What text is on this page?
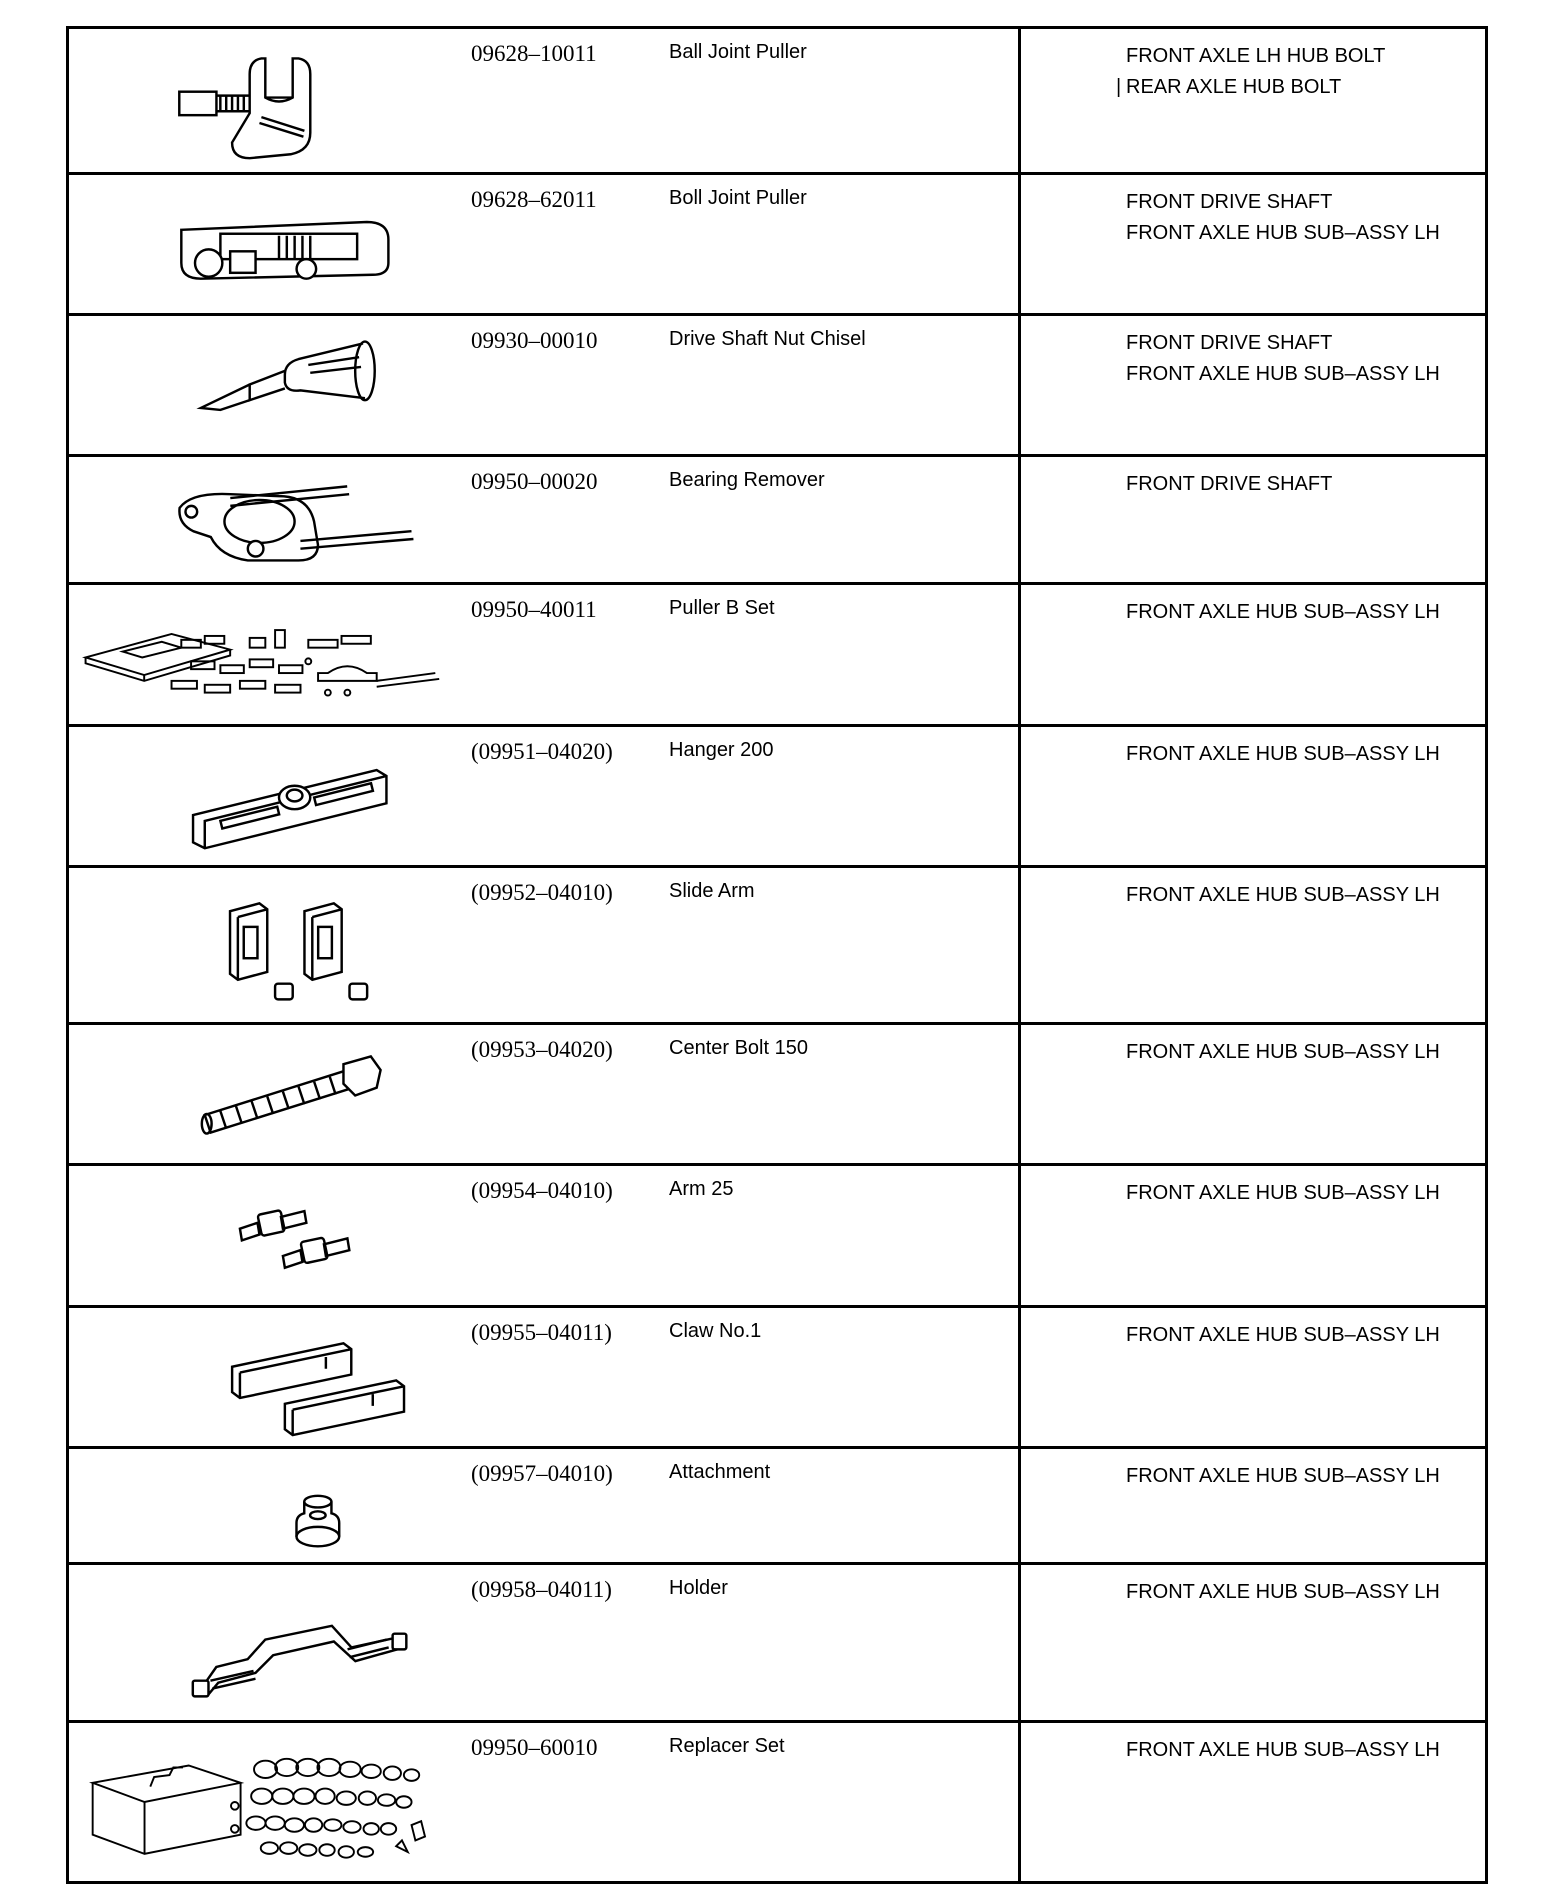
09628–10011	Ball Joint Puller	FRONT AXLE LH HUB BOLT
| REAR AXLE HUB BOLT
09628–62011	Boll Joint Puller	FRONT DRIVE SHAFT
FRONT AXLE HUB SUB–ASSY LH
09930–00010	Drive Shaft Nut Chisel	FRONT DRIVE SHAFT
FRONT AXLE HUB SUB–ASSY LH
09950–00020	Bearing Remover	FRONT DRIVE SHAFT
09950–40011	Puller B Set	FRONT AXLE HUB SUB–ASSY LH
(09951–04020)	Hanger 200	FRONT AXLE HUB SUB–ASSY LH
(09952–04010)	Slide Arm	FRONT AXLE HUB SUB–ASSY LH
(09953–04020)	Center Bolt 150	FRONT AXLE HUB SUB–ASSY LH
(09954–04010)	Arm 25	FRONT AXLE HUB SUB–ASSY LH
(09955–04011)	Claw No.1	FRONT AXLE HUB SUB–ASSY LH
(09957–04010)	Attachment	FRONT AXLE HUB SUB–ASSY LH
(09958–04011)	Holder	FRONT AXLE HUB SUB–ASSY LH
09950–60010	Replacer Set	FRONT AXLE HUB SUB–ASSY LH
